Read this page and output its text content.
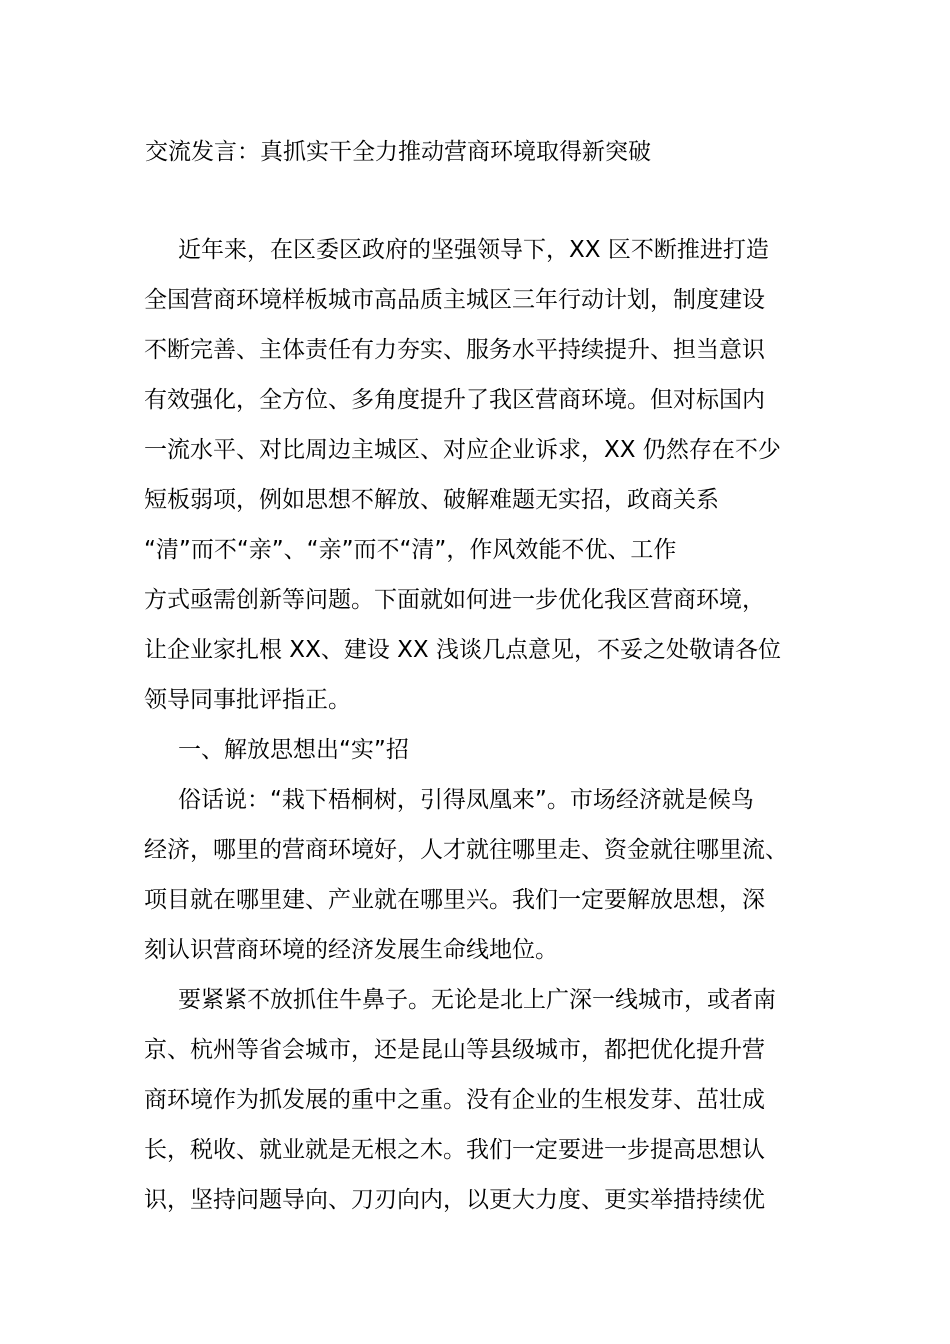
交流发言：真抓实干全力推动营商环境取得新突破
近年来，在区委区政府的坚强领导下，XX 区不断推进打造
全国营商环境样板城市高品质主城区三年行动计划，制度建设
不断完善、主体责任有力夯实、服务水平持续提升、担当意识
有效强化，全方位、多角度提升了我区营商环境。但对标国内
一流水平、对比周边主城区、对应企业诉求，XX 仍然存在不少
短板弱项，例如思想不解放、破解难题无实招，政商关系
“清”而不“亲”、“亲”而不“清”，作风效能不优、工作
方式亟需创新等问题。下面就如何进一步优化我区营商环境，
让企业家扎根 XX、建设 XX 浅谈几点意见，不妥之处敬请各位
领导同事批评指正。
一、解放思想出“实”招
俗话说：“栽下梧桐树，引得凤凰来”。市场经济就是候鸟
经济，哪里的营商环境好，人才就往哪里走、资金就往哪里流、
项目就在哪里建、产业就在哪里兴。我们一定要解放思想，深
刻认识营商环境的经济发展生命线地位。
要紧紧不放抓住牛鼻子。无论是北上广深一线城市，或者南
京、杭州等省会城市，还是昆山等县级城市，都把优化提升营
商环境作为抓发展的重中之重。没有企业的生根发芽、茁壮成
长，税收、就业就是无根之木。我们一定要进一步提高思想认
识，坚持问题导向、刀刃向内，以更大力度、更实举措持续优
